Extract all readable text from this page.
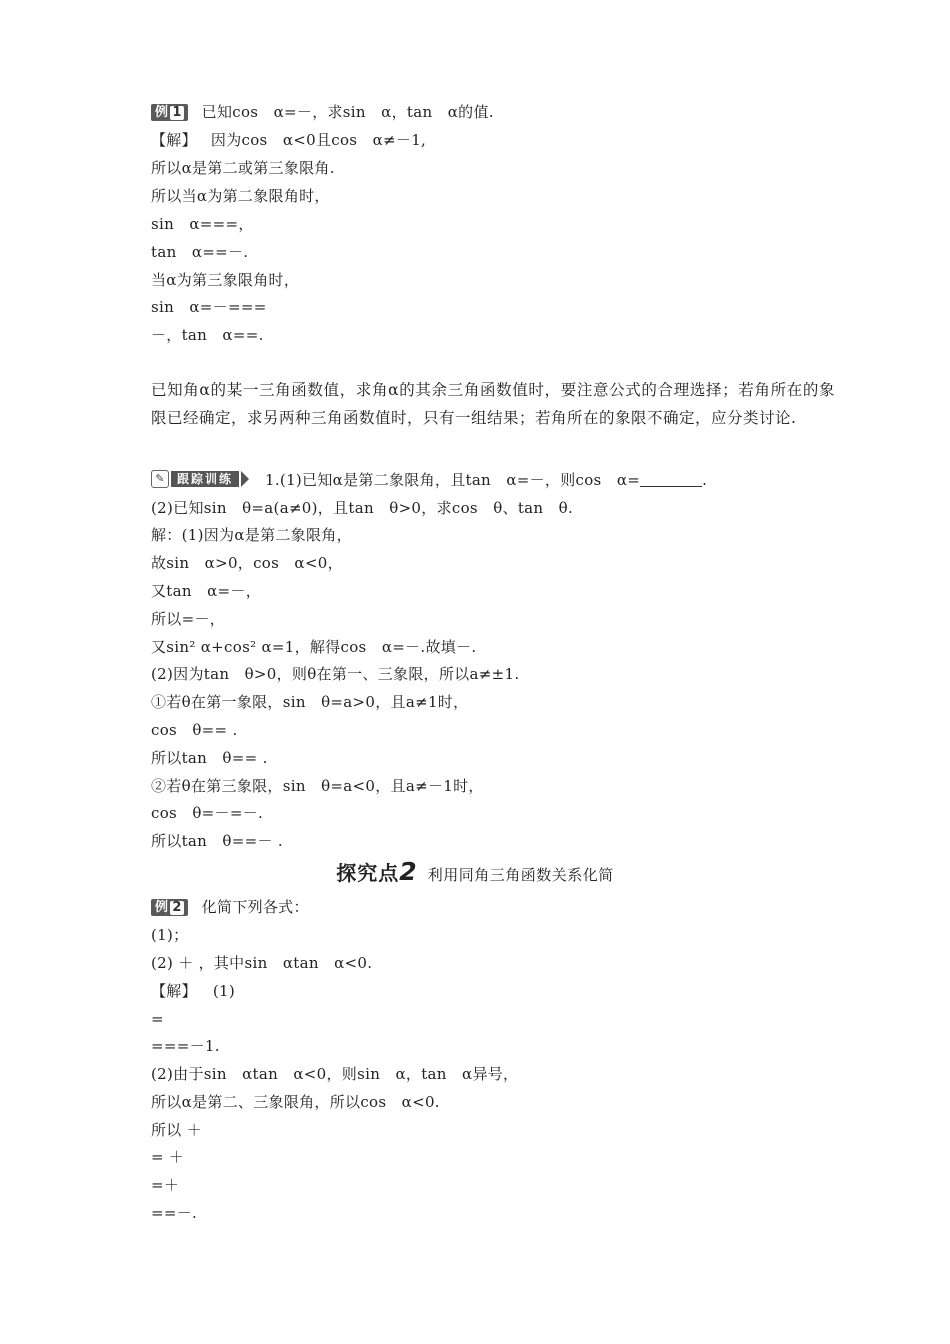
例 1 已知cos　α=－，求sin　α，tan　α的值.
【解】 因为cos　α<0且cos　α≠－1,
所以α是第二或第三象限角.
所以当α为第二象限角时，
sin　α===，
tan　α==－.
当α为第三象限角时，
sin　α=－===
－，tan　α==.
已知角α的某一三角函数值，求角α的其余三角函数值时，要注意公式的合理选择；若角所在的象限已经确定，求另两种三角函数值时，只有一组结果；若角所在的象限不确定，应分类讨论.
✎	跟踪训练	1.(1)已知α是第二象限角，且tan　α=－，则cos　α=	.
(2)已知sin　θ=a(a≠0)，且tan　θ>0，求cos　θ、tan　θ.
解：(1)因为α是第二象限角，
故sin　α>0，cos　α<0，
又tan　α=－，
所以=－，
又sin² α+cos² α=1，解得cos　α=－.故填－.
(2)因为tan　θ>0，则θ在第一、三象限，所以a≠±1.
①若θ在第一象限，sin　θ=a>0，且a≠1时，
cos　θ== .
所以tan　θ== .
②若θ在第三象限，sin　θ=a<0，且a≠－1时，
cos　θ=－=－.
所以tan　θ==－ .
探究点2 利用同角三角函数关系化简
例 2 化简下列各式：
(1)；
(2) ＋ ，其中sin　αtan　α<0.
【解】 (1)
=
===－1.
(2)由于sin　αtan　α<0，则sin　α，tan　α异号，
所以α是第二、三象限角，所以cos　α<0.
所以 ＋
= ＋
=＋
==－.
